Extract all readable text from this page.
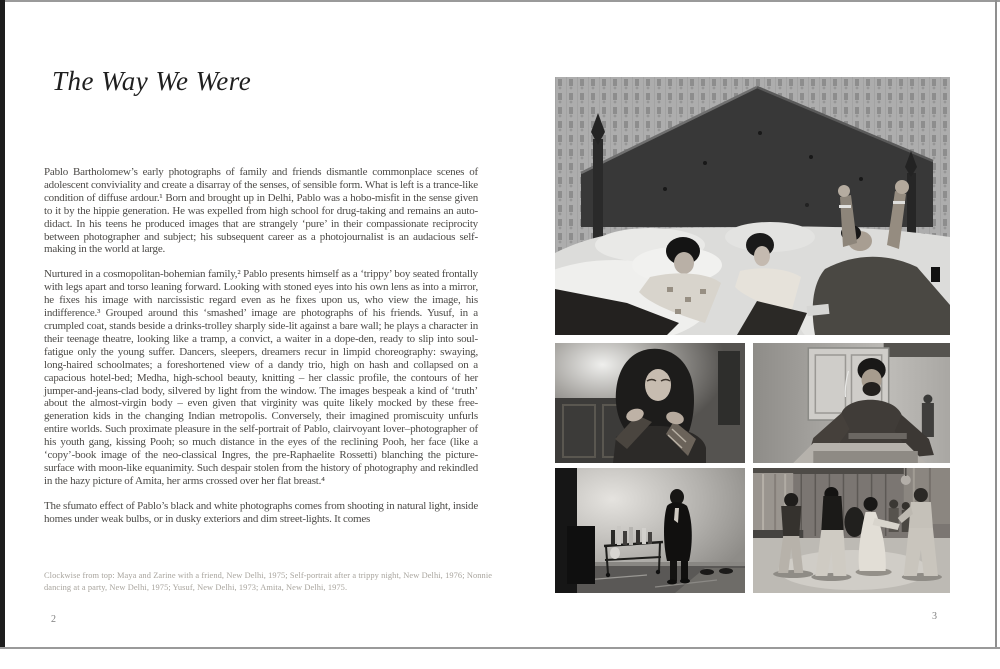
The Way We Were

Pablo Bartholomew’s early photographs of family and friends dismantle commonplace scenes of adolescent conviviality and create a disarray of the senses, of sensible form. What is left is a trance-like condition of diffuse ardour.¹ Born and brought up in Delhi, Pablo was a hobo-misfit in the sense given to it by the hippie generation. He was expelled from high school for drug-taking and remains an auto-didact. In his teens he produced images that are strangely ‘pure’ in their compassionate reciprocity between photographer and subject; his subsequent career as a photojournalist is an audacious self-making in the world at large.

Nurtured in a cosmopolitan-bohemian family,² Pablo presents himself as a ‘trippy’ boy seated frontally with legs apart and torso leaning forward. Looking with stoned eyes into his own lens as into a mirror, he fixes his image with narcissistic regard even as he fixes upon us, who view the image, his indifference.³ Grouped around this ‘smashed’ image are photographs of his friends. Yusuf, in a crumpled coat, stands beside a drinks-trolley sharply side-lit against a bare wall; he plays a character in their teenage theatre, looking like a tramp, a convict, a waiter in a dope-den, ready to slip into soul-fatigue only the young suffer. Dancers, sleepers, dreamers recur in limpid choreography: swaying, long-haired schoolmates; a foreshortened view of a dandy trio, high on hash and collapsed on a capacious hotel-bed; Medha, high-school beauty, knitting – her classic profile, the contours of her jumper-and-jeans-clad body, silvered by light from the window. The images bespeak a kind of ‘truth’ about the almost-virgin body – even given that virginity was quite likely mocked by these free-generation kids in the changing Indian metropolis. Conversely, their imagined promiscuity unfurls entire worlds. Such proximate pleasure in the self-portrait of Pablo, clairvoyant lover–photographer of his youth gang, kissing Pooh; so much distance in the eyes of the reclining Pooh, her face (like a ‘copy’-book image of the neo-classical Ingres, the pre-Raphaelite Rossetti) blanching the picture-surface with moon-like equanimity. Such despair stolen from the history of photography and rekindled in the hazy picture of Amita, her arms crossed over her flat breast.⁴

The sfumato effect of Pablo’s black and white photographs comes from shooting in natural light, inside homes under weak bulbs, or in dusky exteriors and dim street-lights. It comes

Clockwise from top: Maya and Zarine with a friend, New Delhi, 1975; Self-portrait after a trippy night, New Delhi, 1976; Nonnie dancing at a party, New Delhi, 1975; Yusuf, New Delhi, 1973; Amita, New Delhi, 1975.

2	3
